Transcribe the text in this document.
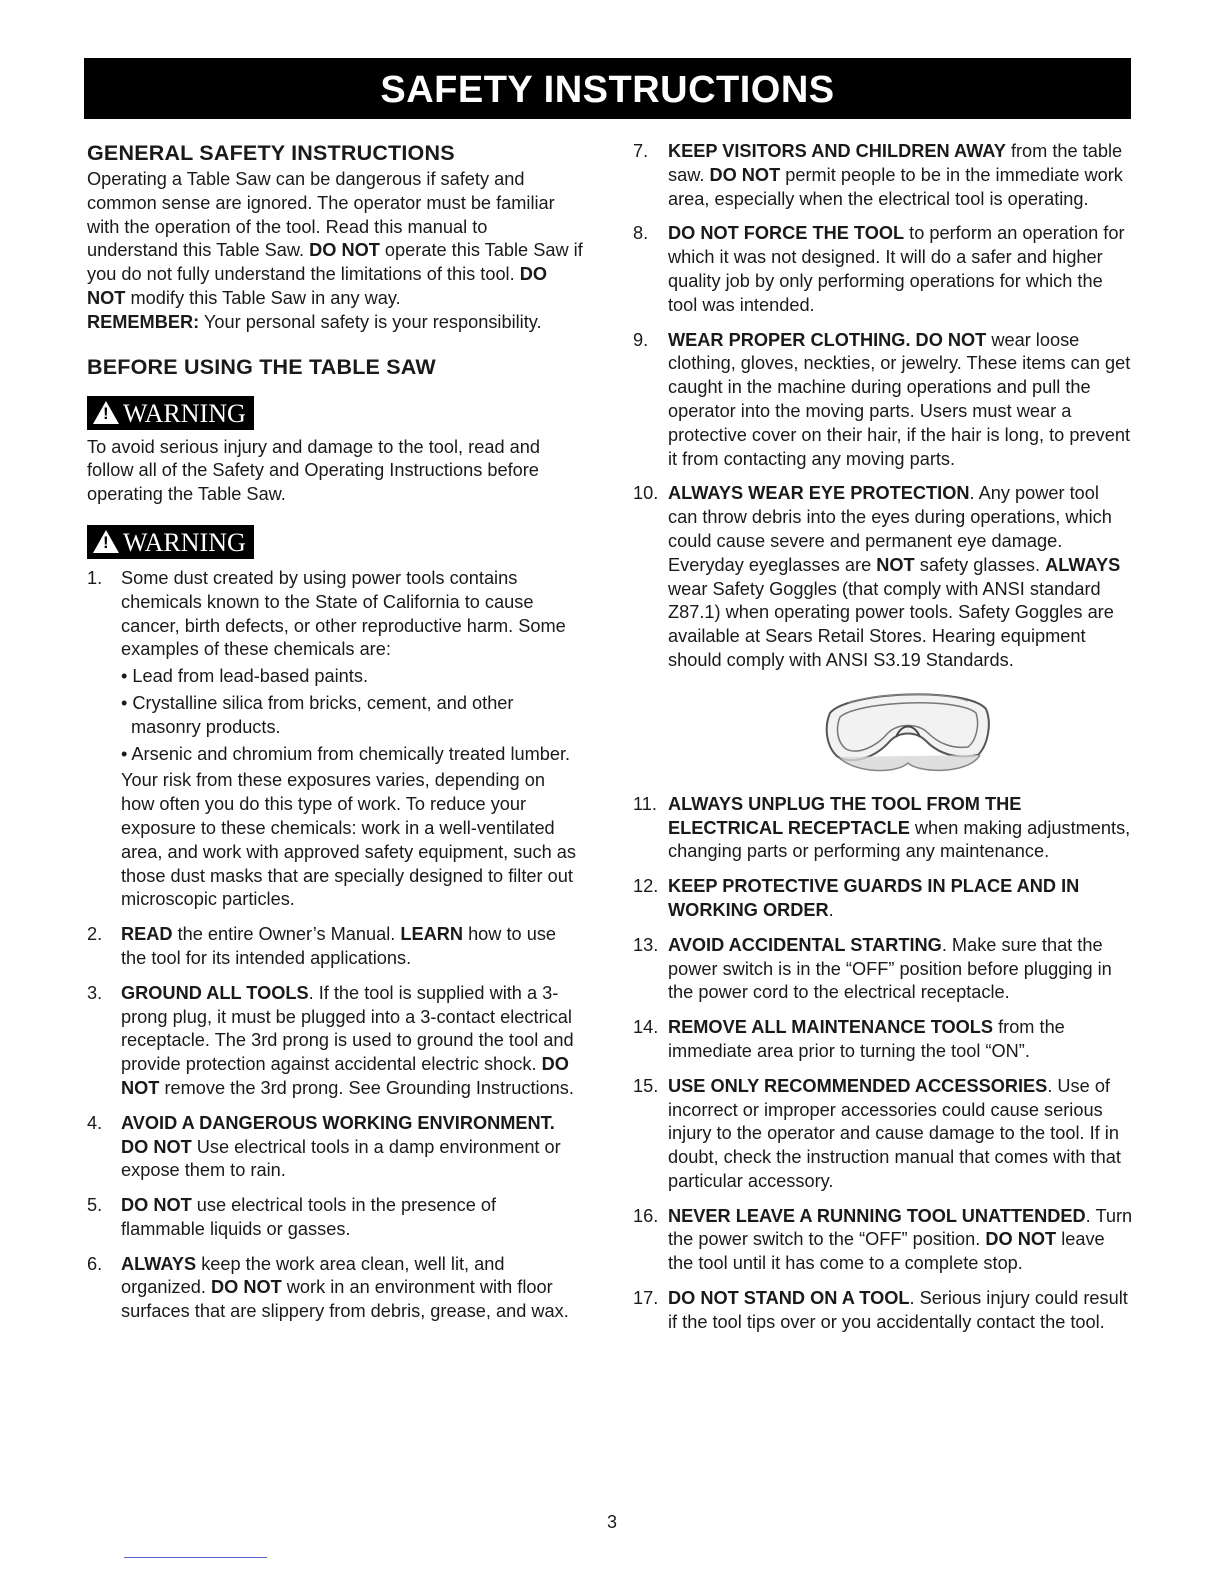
SAFETY INSTRUCTIONS
GENERAL SAFETY INSTRUCTIONS

Operating a Table Saw can be dangerous if safety and common sense are ignored. The operator must be familiar with the operation of the tool. Read this manual to understand this Table Saw. DO NOT operate this Table Saw if you do not fully understand the limitations of this tool. DO NOT modify this Table Saw in any way.
REMEMBER: Your personal safety is your responsibility.

BEFORE USING THE TABLE SAW
!WARNING

To avoid serious injury and damage to the tool, read and follow all of the Safety and Operating Instructions before operating the Table Saw.

!WARNING
1. Some dust created by using power tools contains chemicals known to the State of California to cause cancer, birth defects, or other reproductive harm. Some examples of these chemicals are:

• Lead from lead-based paints.

• Crystalline silica from bricks, cement, and other masonry products.

• Arsenic and chromium from chemically treated lumber.

Your risk from these exposures varies, depending on how often you do this type of work. To reduce your exposure to these chemicals: work in a well-ventilated area, and work with approved safety equipment, such as those dust masks that are specially designed to filter out microscopic particles.

2. READ the entire Owner’s Manual. LEARN how to use the tool for its intended applications.
3. GROUND ALL TOOLS. If the tool is supplied with a 3-prong plug, it must be plugged into a 3-contact electrical receptacle. The 3rd prong is used to ground the tool and provide protection against accidental electric shock. DO NOT remove the 3rd prong. See Grounding Instructions.
4. AVOID A DANGEROUS WORKING ENVIRONMENT. DO NOT Use electrical tools in a damp environment or expose them to rain.
5. DO NOT use electrical tools in the presence of flammable liquids or gasses.
6. ALWAYS keep the work area clean, well lit, and organized. DO NOT work in an environment with floor surfaces that are slippery from debris, grease, and wax.
7. KEEP VISITORS AND CHILDREN AWAY from the table saw. DO NOT permit people to be in the immediate work area, especially when the electrical tool is operating.
8. DO NOT FORCE THE TOOL to perform an operation for which it was not designed. It will do a safer and higher quality job by only performing operations for which the tool was intended.
9. WEAR PROPER CLOTHING. DO NOT wear loose clothing, gloves, neckties, or jewelry. These items can get caught in the machine during operations and pull the operator into the moving parts. Users must wear a protective cover on their hair, if the hair is long, to prevent it from contacting any moving parts.
10. ALWAYS WEAR EYE PROTECTION. Any power tool can throw debris into the eyes during operations, which could cause severe and permanent eye damage. Everyday eyeglasses are NOT safety glasses. ALWAYS wear Safety Goggles (that comply with ANSI standard Z87.1) when operating power tools. Safety Goggles are available at Sears Retail Stores. Hearing equipment should comply with ANSI S3.19 Standards.
11. ALWAYS UNPLUG THE TOOL FROM THE ELECTRICAL RECEPTACLE when making adjustments, changing parts or performing any maintenance.
12. KEEP PROTECTIVE GUARDS IN PLACE AND IN WORKING ORDER.
13. AVOID ACCIDENTAL STARTING. Make sure that the power switch is in the “OFF” position before plugging in the power cord to the electrical receptacle.
14. REMOVE ALL MAINTENANCE TOOLS from the immediate area prior to turning the tool “ON”.
15. USE ONLY RECOMMENDED ACCESSORIES. Use of incorrect or improper accessories could cause serious injury to the operator and cause damage to the tool. If in doubt, check the instruction manual that comes with that particular accessory.
16. NEVER LEAVE A RUNNING TOOL UNATTENDED. Turn the power switch to the “OFF” position. DO NOT leave the tool until it has come to a complete stop.
17. DO NOT STAND ON A TOOL. Serious injury could result if the tool tips over or you accidentally contact the tool.
3
